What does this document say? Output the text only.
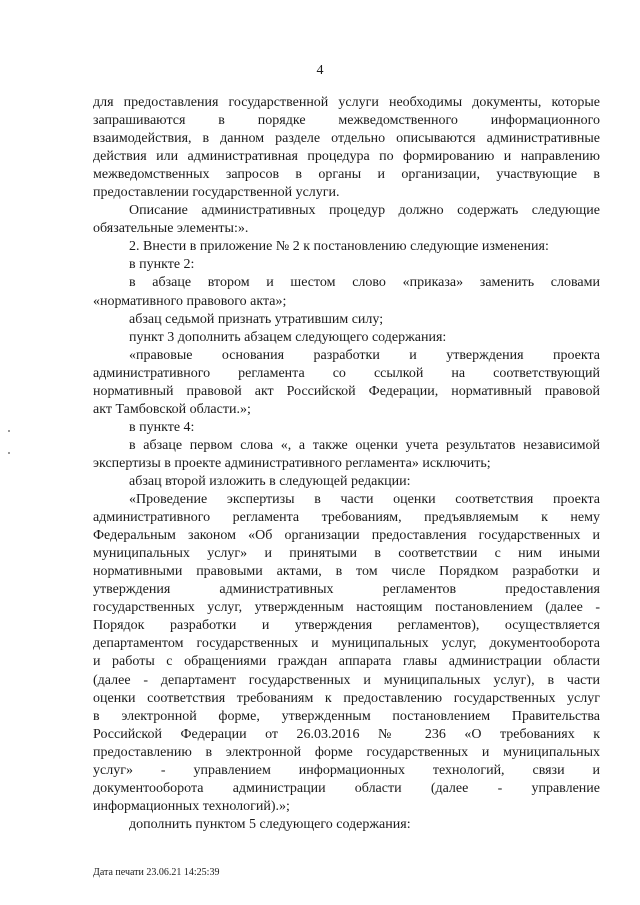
4
для предоставления государственной услуги необходимы документы, которые
запрашиваются в порядке межведомственного информационного
взаимодействия, в данном разделе отдельно описываются административные
действия или административная процедура по формированию и направлению
межведомственных запросов в органы и организации, участвующие в
предоставлении государственной услуги.
Описание административных процедур должно содержать следующие
обязательные элементы:».
2. Внести в приложение № 2 к постановлению следующие изменения:
в пункте 2:
в абзаце втором и шестом слово «приказа» заменить словами
«нормативного правового акта»;
абзац седьмой признать утратившим силу;
пункт 3 дополнить абзацем следующего содержания:
«правовые основания разработки и утверждения проекта
административного регламента со ссылкой на соответствующий
нормативный правовой акт Российской Федерации, нормативный правовой
акт Тамбовской области.»;
в пункте 4:
в абзаце первом слова «, а также оценки учета результатов независимой
экспертизы в проекте административного регламента» исключить;
абзац второй изложить в следующей редакции:
«Проведение экспертизы в части оценки соответствия проекта
административного регламента требованиям, предъявляемым к нему
Федеральным законом «Об организации предоставления государственных и
муниципальных услуг» и принятыми в соответствии с ним иными
нормативными правовыми актами, в том числе Порядком разработки и
утверждения административных регламентов предоставления
государственных услуг, утвержденным настоящим постановлением (далее -
Порядок разработки и утверждения регламентов), осуществляется
департаментом государственных и муниципальных услуг, документооборота
и работы с обращениями граждан аппарата главы администрации области
(далее - департамент государственных и муниципальных услуг), в части
оценки соответствия требованиям к предоставлению государственных услуг
в электронной форме, утвержденным постановлением Правительства
Российской Федерации от 26.03.2016 № 236 «О требованиях к
предоставлению в электронной форме государственных и муниципальных
услуг» - управлением информационных технологий, связи и
документооборота администрации области (далее - управление
информационных технологий).»;
дополнить пунктом 5 следующего содержания:
Дата печати 23.06.21 14:25:39
